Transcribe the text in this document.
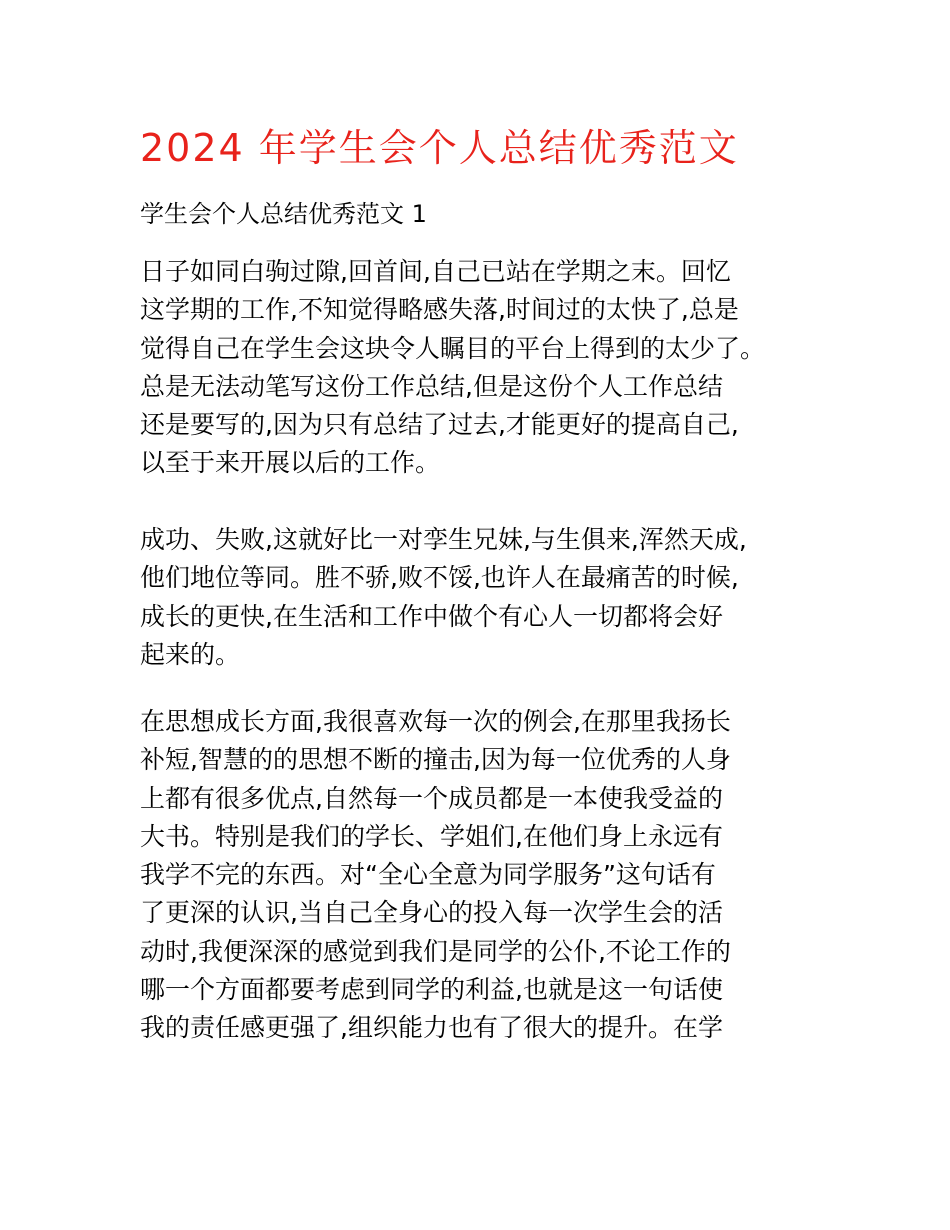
2024 年学生会个人总结优秀范文

学生会个人总结优秀范文 1

日子如同白驹过隙,回首间,自己已站在学期之末。回忆
这学期的工作,不知觉得略感失落,时间过的太快了,总是
觉得自己在学生会这块令人瞩目的平台上得到的太少了。
总是无法动笔写这份工作总结,但是这份个人工作总结
还是要写的,因为只有总结了过去,才能更好的提高自己,
以至于来开展以后的工作。

成功、失败,这就好比一对孪生兄妹,与生俱来,浑然天成,
他们地位等同。胜不骄,败不馁,也许人在最痛苦的时候,
成长的更快,在生活和工作中做个有心人一切都将会好
起来的。

在思想成长方面,我很喜欢每一次的例会,在那里我扬长
补短,智慧的的思想不断的撞击,因为每一位优秀的人身
上都有很多优点,自然每一个成员都是一本使我受益的
大书。特别是我们的学长、学姐们,在他们身上永远有
我学不完的东西。对“全心全意为同学服务”这句话有
了更深的认识,当自己全身心的投入每一次学生会的活
动时,我便深深的感觉到我们是同学的公仆,不论工作的
哪一个方面都要考虑到同学的利益,也就是这一句话使
我的责任感更强了,组织能力也有了很大的提升。在学
